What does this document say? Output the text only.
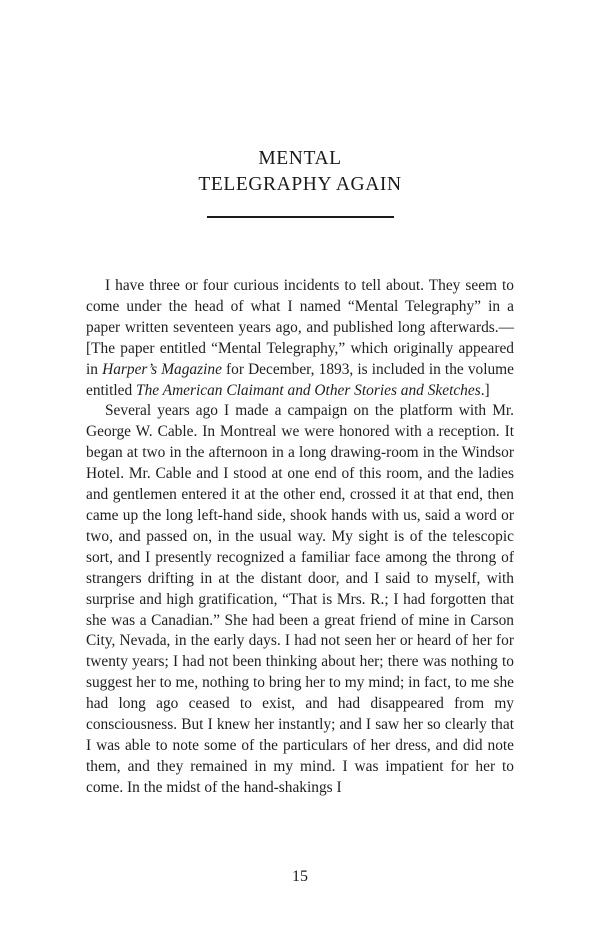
MENTAL
TELEGRAPHY AGAIN

I have three or four curious incidents to tell about. They seem to come under the head of what I named “Mental Telegraphy” in a paper written seventeen years ago, and published long afterwards.—[The paper entitled “Mental Telegraphy,” which originally appeared in Harper’s Magazine for December, 1893, is included in the volume entitled The American Claimant and Other Stories and Sketches.]

Several years ago I made a campaign on the platform with Mr. George W. Cable. In Montreal we were honored with a reception. It began at two in the afternoon in a long drawing-room in the Windsor Hotel. Mr. Cable and I stood at one end of this room, and the ladies and gentlemen entered it at the other end, crossed it at that end, then came up the long left-hand side, shook hands with us, said a word or two, and passed on, in the usual way. My sight is of the telescopic sort, and I presently recognized a familiar face among the throng of strangers drifting in at the distant door, and I said to myself, with surprise and high gratification, “That is Mrs. R.; I had forgotten that she was a Canadian.” She had been a great friend of mine in Carson City, Nevada, in the early days. I had not seen her or heard of her for twenty years; I had not been thinking about her; there was nothing to suggest her to me, nothing to bring her to my mind; in fact, to me she had long ago ceased to exist, and had disappeared from my consciousness. But I knew her instantly; and I saw her so clearly that I was able to note some of the particulars of her dress, and did note them, and they remained in my mind. I was impatient for her to come. In the midst of the hand-shakings I

15
